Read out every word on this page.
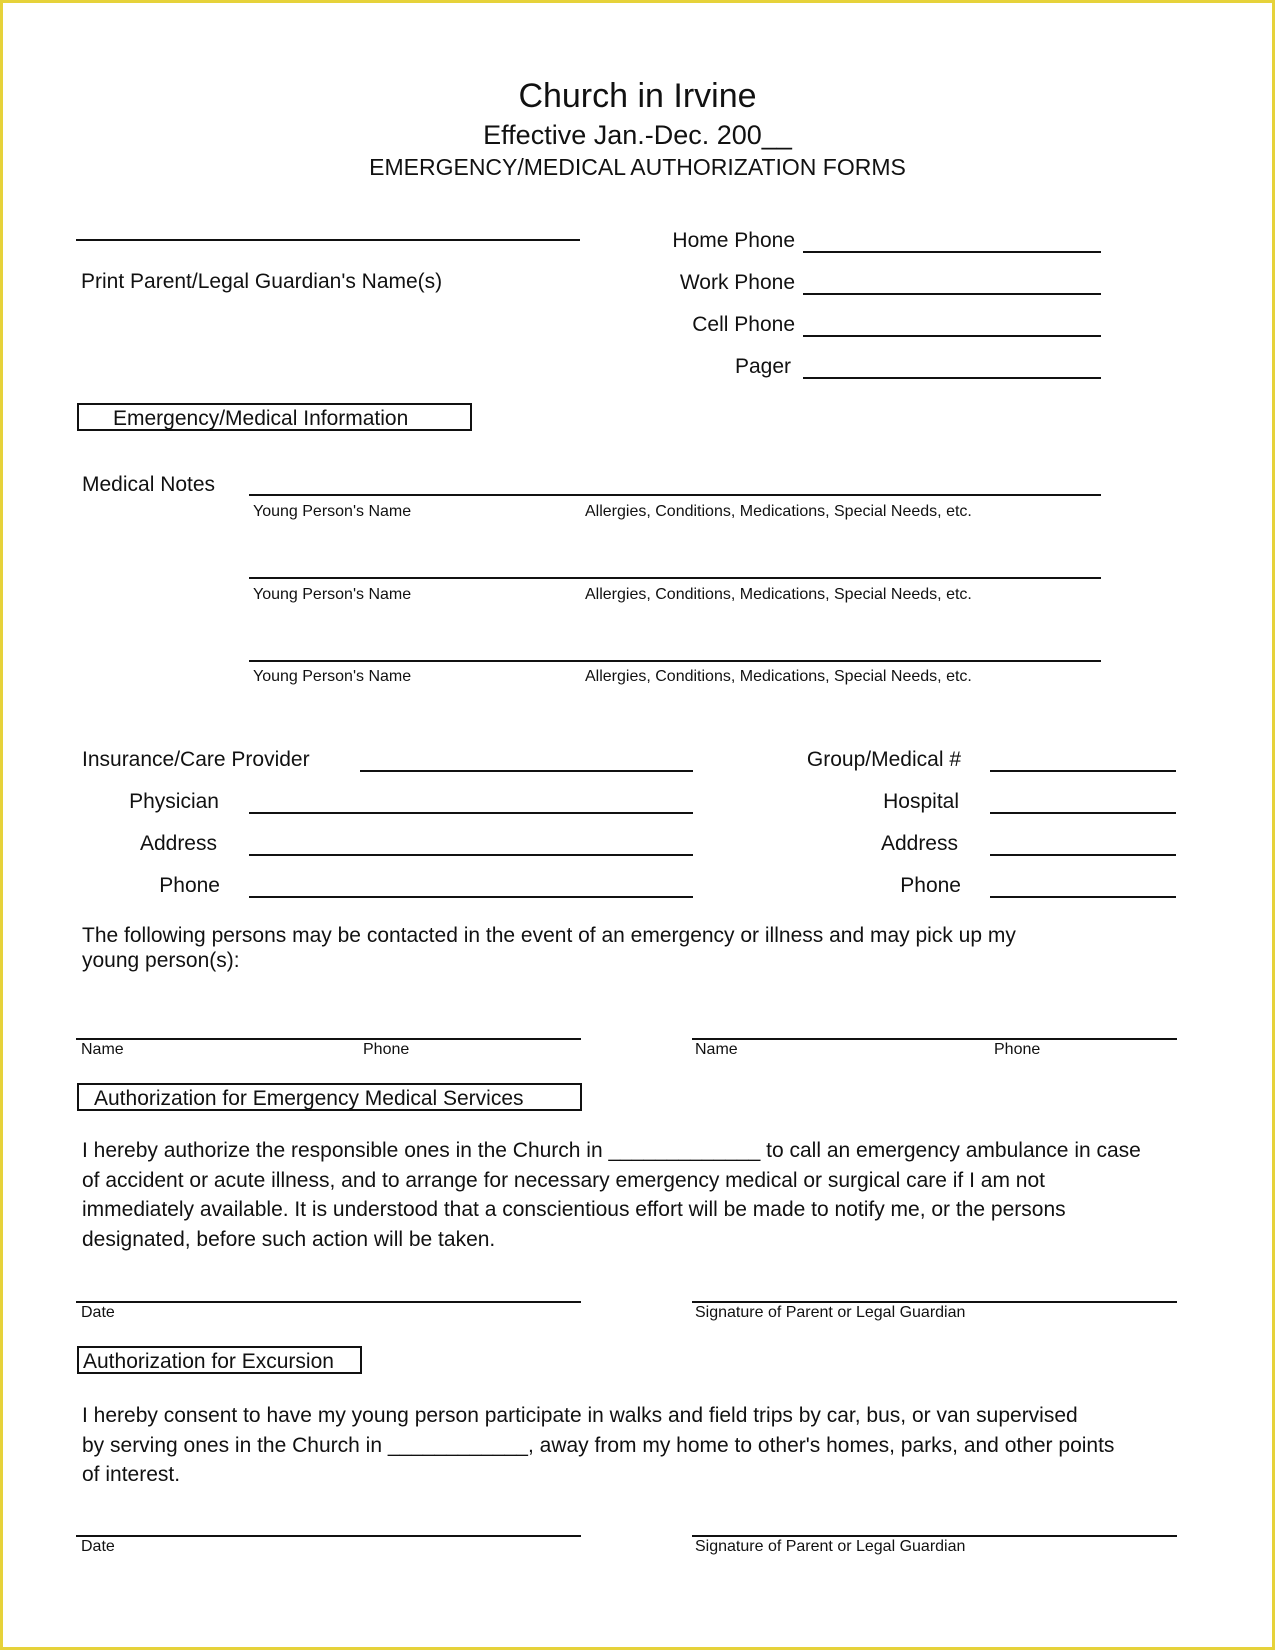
Church in Irvine
Effective Jan.-Dec. 200__
EMERGENCY/MEDICAL AUTHORIZATION FORMS
Print Parent/Legal Guardian's Name(s)
Home Phone
Work Phone
Cell Phone
Pager
Emergency/Medical Information
Medical Notes
Young Person's Name	Allergies, Conditions, Medications, Special Needs, etc.
Young Person's Name	Allergies, Conditions, Medications, Special Needs, etc.
Young Person's Name	Allergies, Conditions, Medications, Special Needs, etc.
Insurance/Care Provider
Physician
Address
Phone
Group/Medical #
Hospital
Address
Phone
The following persons may be contacted in the event of an emergency or illness and may pick up my
young person(s):
Name	Phone	Name	Phone
Authorization for Emergency Medical Services
I hereby authorize the responsible ones in the Church in _____________ to call an emergency ambulance in case
of accident or acute illness, and to arrange for necessary emergency medical or surgical care if I am not
immediately available. It is understood that a conscientious effort will be made to notify me, or the persons
designated, before such action will be taken.
Date	Signature of Parent or Legal Guardian
Authorization for Excursion
I hereby consent to have my young person participate in walks and field trips by car, bus, or van supervised
by serving ones in the Church in ____________, away from my home to other's homes, parks, and other points
of interest.
Date	Signature of Parent or Legal Guardian
